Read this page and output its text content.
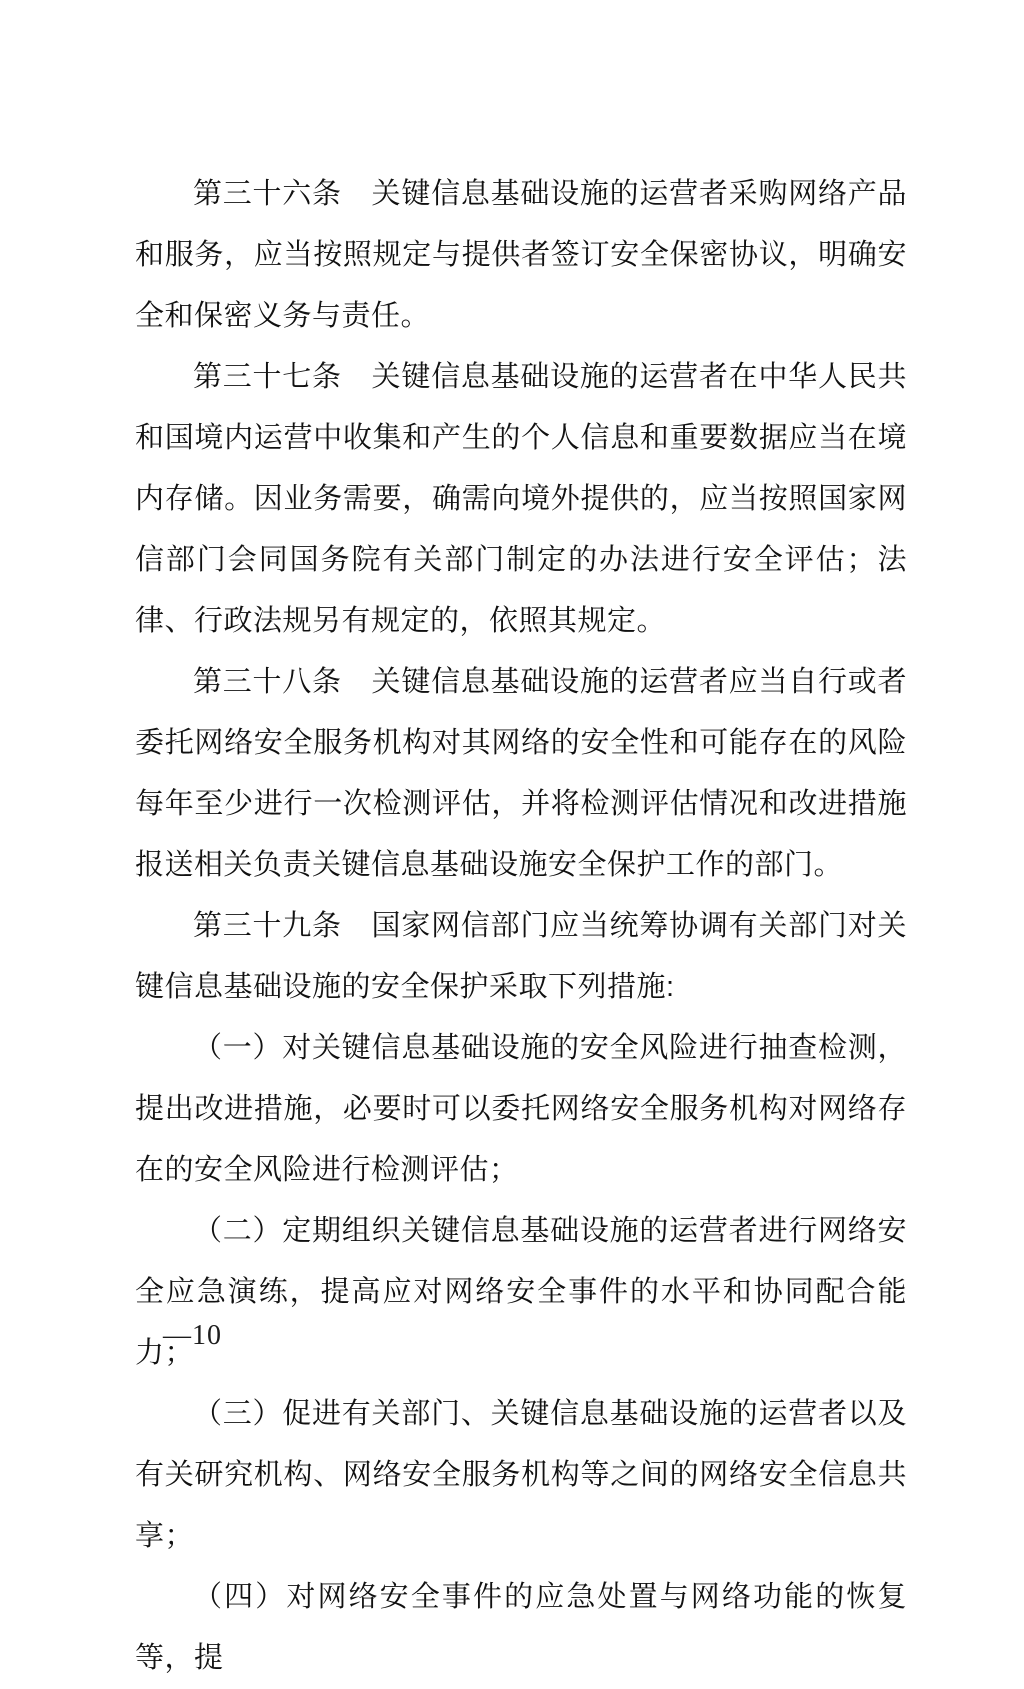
第三十六条　关键信息基础设施的运营者采购网络产品和服务，应当按照规定与提供者签订安全保密协议，明确安全和保密义务与责任。

第三十七条　关键信息基础设施的运营者在中华人民共和国境内运营中收集和产生的个人信息和重要数据应当在境内存储。因业务需要，确需向境外提供的，应当按照国家网信部门会同国务院有关部门制定的办法进行安全评估；法律、行政法规另有规定的，依照其规定。

第三十八条　关键信息基础设施的运营者应当自行或者委托网络安全服务机构对其网络的安全性和可能存在的风险每年至少进行一次检测评估，并将检测评估情况和改进措施报送相关负责关键信息基础设施安全保护工作的部门。

第三十九条　国家网信部门应当统筹协调有关部门对关键信息基础设施的安全保护采取下列措施:

（一）对关键信息基础设施的安全风险进行抽查检测，提出改进措施，必要时可以委托网络安全服务机构对网络存在的安全风险进行检测评估；

（二）定期组织关键信息基础设施的运营者进行网络安全应急演练，提高应对网络安全事件的水平和协同配合能力；

（三）促进有关部门、关键信息基础设施的运营者以及有关研究机构、网络安全服务机构等之间的网络安全信息共享；

（四）对网络安全事件的应急处置与网络功能的恢复等，提

—10
